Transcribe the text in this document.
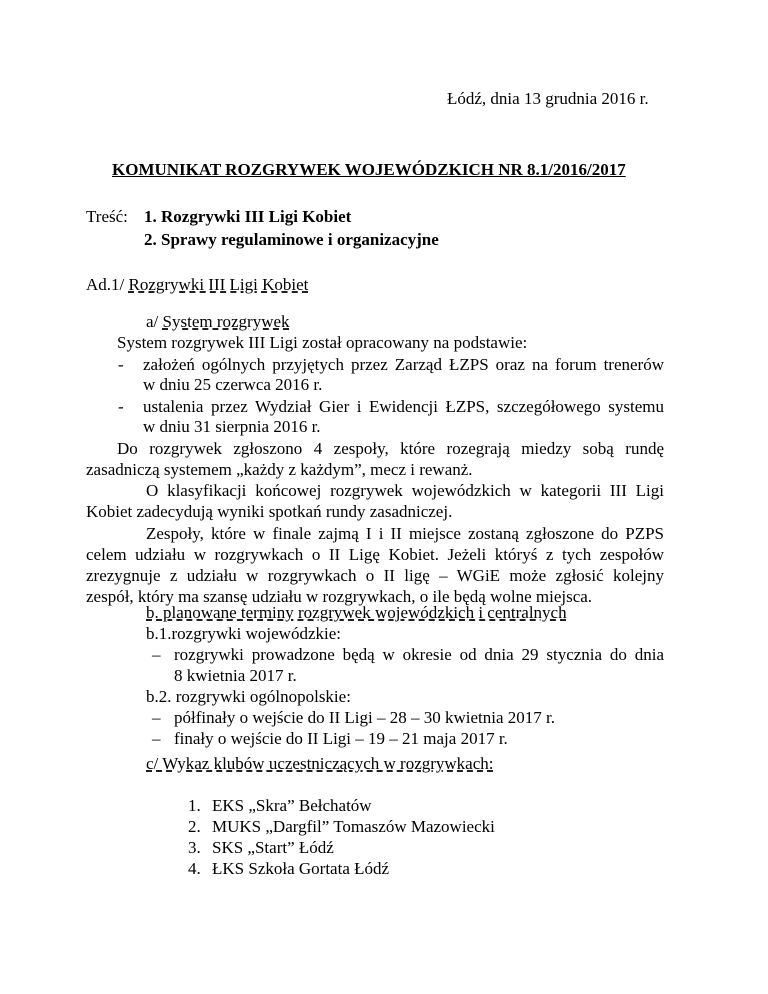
Łódź, dnia 13 grudnia 2016 r.
KOMUNIKAT ROZGRYWEK WOJEWÓDZKICH NR 8.1/2016/2017
Treść: 1. Rozgrywki III Ligi Kobiet
2. Sprawy regulaminowe i organizacyjne
Ad.1/ Rozgrywki III Ligi Kobiet
a/ System rozgrywek
System rozgrywek III Ligi został opracowany na podstawie:
- założeń ogólnych przyjętych przez Zarząd ŁZPS oraz na forum trenerów
w dniu 25 czerwca 2016 r.
- ustalenia przez Wydział Gier i Ewidencji ŁZPS, szczegółowego systemu
w dniu 31 sierpnia 2016 r.
Do rozgrywek zgłoszono 4 zespoły, które rozegrają miedzy sobą rundę
zasadniczą systemem „każdy z każdym”, mecz i rewanż.
O klasyfikacji końcowej rozgrywek wojewódzkich w kategorii III Ligi
Kobiet zadecydują wyniki spotkań rundy zasadniczej.
Zespoły, które w finale zajmą I i II miejsce zostaną zgłoszone do PZPS
celem udziału w rozgrywkach o II Ligę Kobiet. Jeżeli któryś z tych zespołów
zrezygnuje z udziału w rozgrywkach o II ligę – WGiE może zgłosić kolejny
zespół, który ma szansę udziału w rozgrywkach, o ile będą wolne miejsca.
b. planowane terminy rozgrywek wojewódzkich i centralnych
b.1.rozgrywki wojewódzkie:
– rozgrywki prowadzone będą w okresie od dnia 29 stycznia do dnia
8 kwietnia 2017 r.
b.2. rozgrywki ogólnopolskie:
– półfinały o wejście do II Ligi – 28 – 30 kwietnia 2017 r.
– finały o wejście do II Ligi – 19 – 21 maja 2017 r.
c/ Wykaz klubów uczestniczących w rozgrywkach:
1. EKS „Skra” Bełchatów
2. MUKS „Dargfil” Tomaszów Mazowiecki
3. SKS „Start” Łódź
4. ŁKS Szkoła Gortata Łódź
